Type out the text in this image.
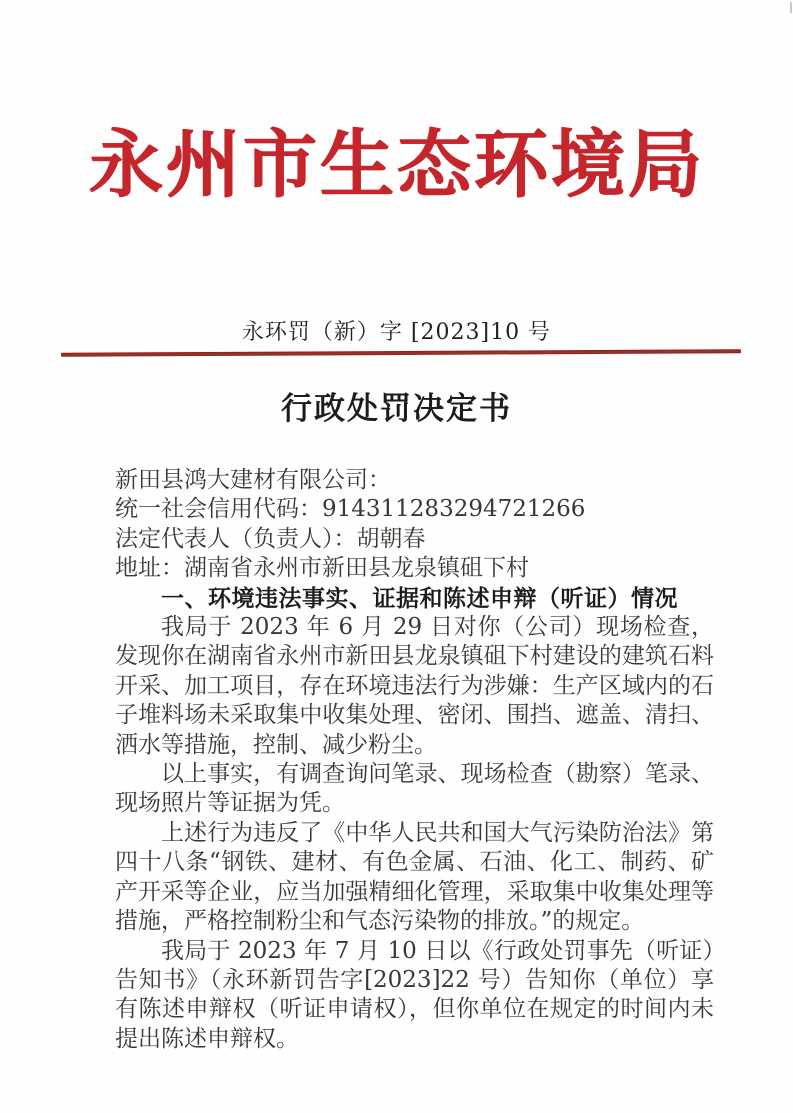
永州市生态环境局
永环罚（新）字 [2023]10 号
行政处罚决定书

新田县鸿大建材有限公司：

统一社会信用代码：914311283294721266

法定代表人（负责人）：胡朝春

地址：湖南省永州市新田县龙泉镇砠下村

一、环境违法事实、证据和陈述申辩（听证）情况

我局于 2023 年 6 月 29 日对你（公司）现场检查，发现你在湖南省永州市新田县龙泉镇砠下村建设的建筑石料开采、加工项目，存在环境违法行为涉嫌：生产区域内的石子堆料场未采取集中收集处理、密闭、围挡、遮盖、清扫、洒水等措施，控制、减少粉尘。

以上事实，有调查询问笔录、现场检查（勘察）笔录、现场照片等证据为凭。

上述行为违反了《中华人民共和国大气污染防治法》第四十八条“钢铁、建材、有色金属、石油、化工、制药、矿产开采等企业，应当加强精细化管理，采取集中收集处理等措施，严格控制粉尘和气态污染物的排放。”的规定。

我局于 2023 年 7 月 10 日以《行政处罚事先（听证）告知书》（永环新罚告字[2023]22 号）告知你（单位）享有陈述申辩权（听证申请权），但你单位在规定的时间内未提出陈述申辩权。
